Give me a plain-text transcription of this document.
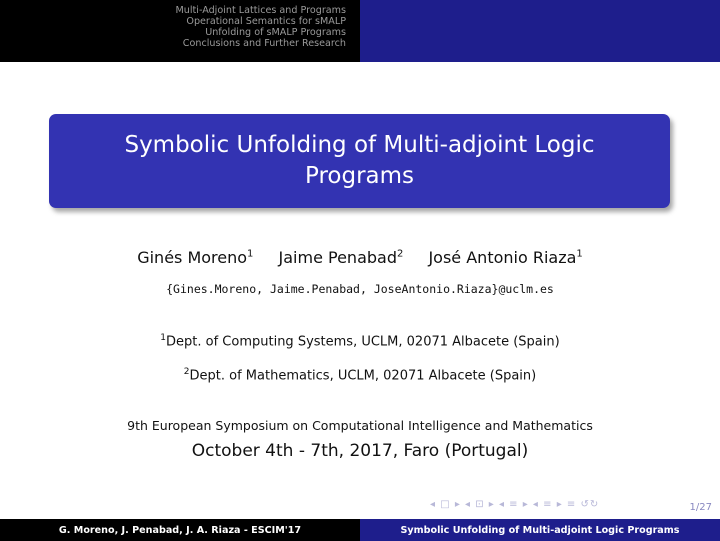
Multi-Adjoint Lattices and Programs
Operational Semantics for sMALP
Unfolding of sMALP Programs
Conclusions and Further Research
Symbolic Unfolding of Multi-adjoint Logic Programs
Ginés Moreno$^1$ Jaime Penabad$^2$ José Antonio Riaza$^1$
{Gines.Moreno, Jaime.Penabad, JoseAntonio.Riaza}@uclm.es
$^1$Dept. of Computing Systems, UCLM, 02071 Albacete (Spain)
$^2$Dept. of Mathematics, UCLM, 02071 Albacete (Spain)
9th European Symposium on Computational Intelligence and Mathematics
October 4th - 7th, 2017, Faro (Portugal)
◂ □ ▸ ◂ ⊡ ▸ ◂ ≡ ▸ ◂ ≡ ▸ ≡ ↺↻	1/27
G. Moreno, J. Penabad, J. A. Riaza - ESCIM'17	Symbolic Unfolding of Multi-adjoint Logic Programs
